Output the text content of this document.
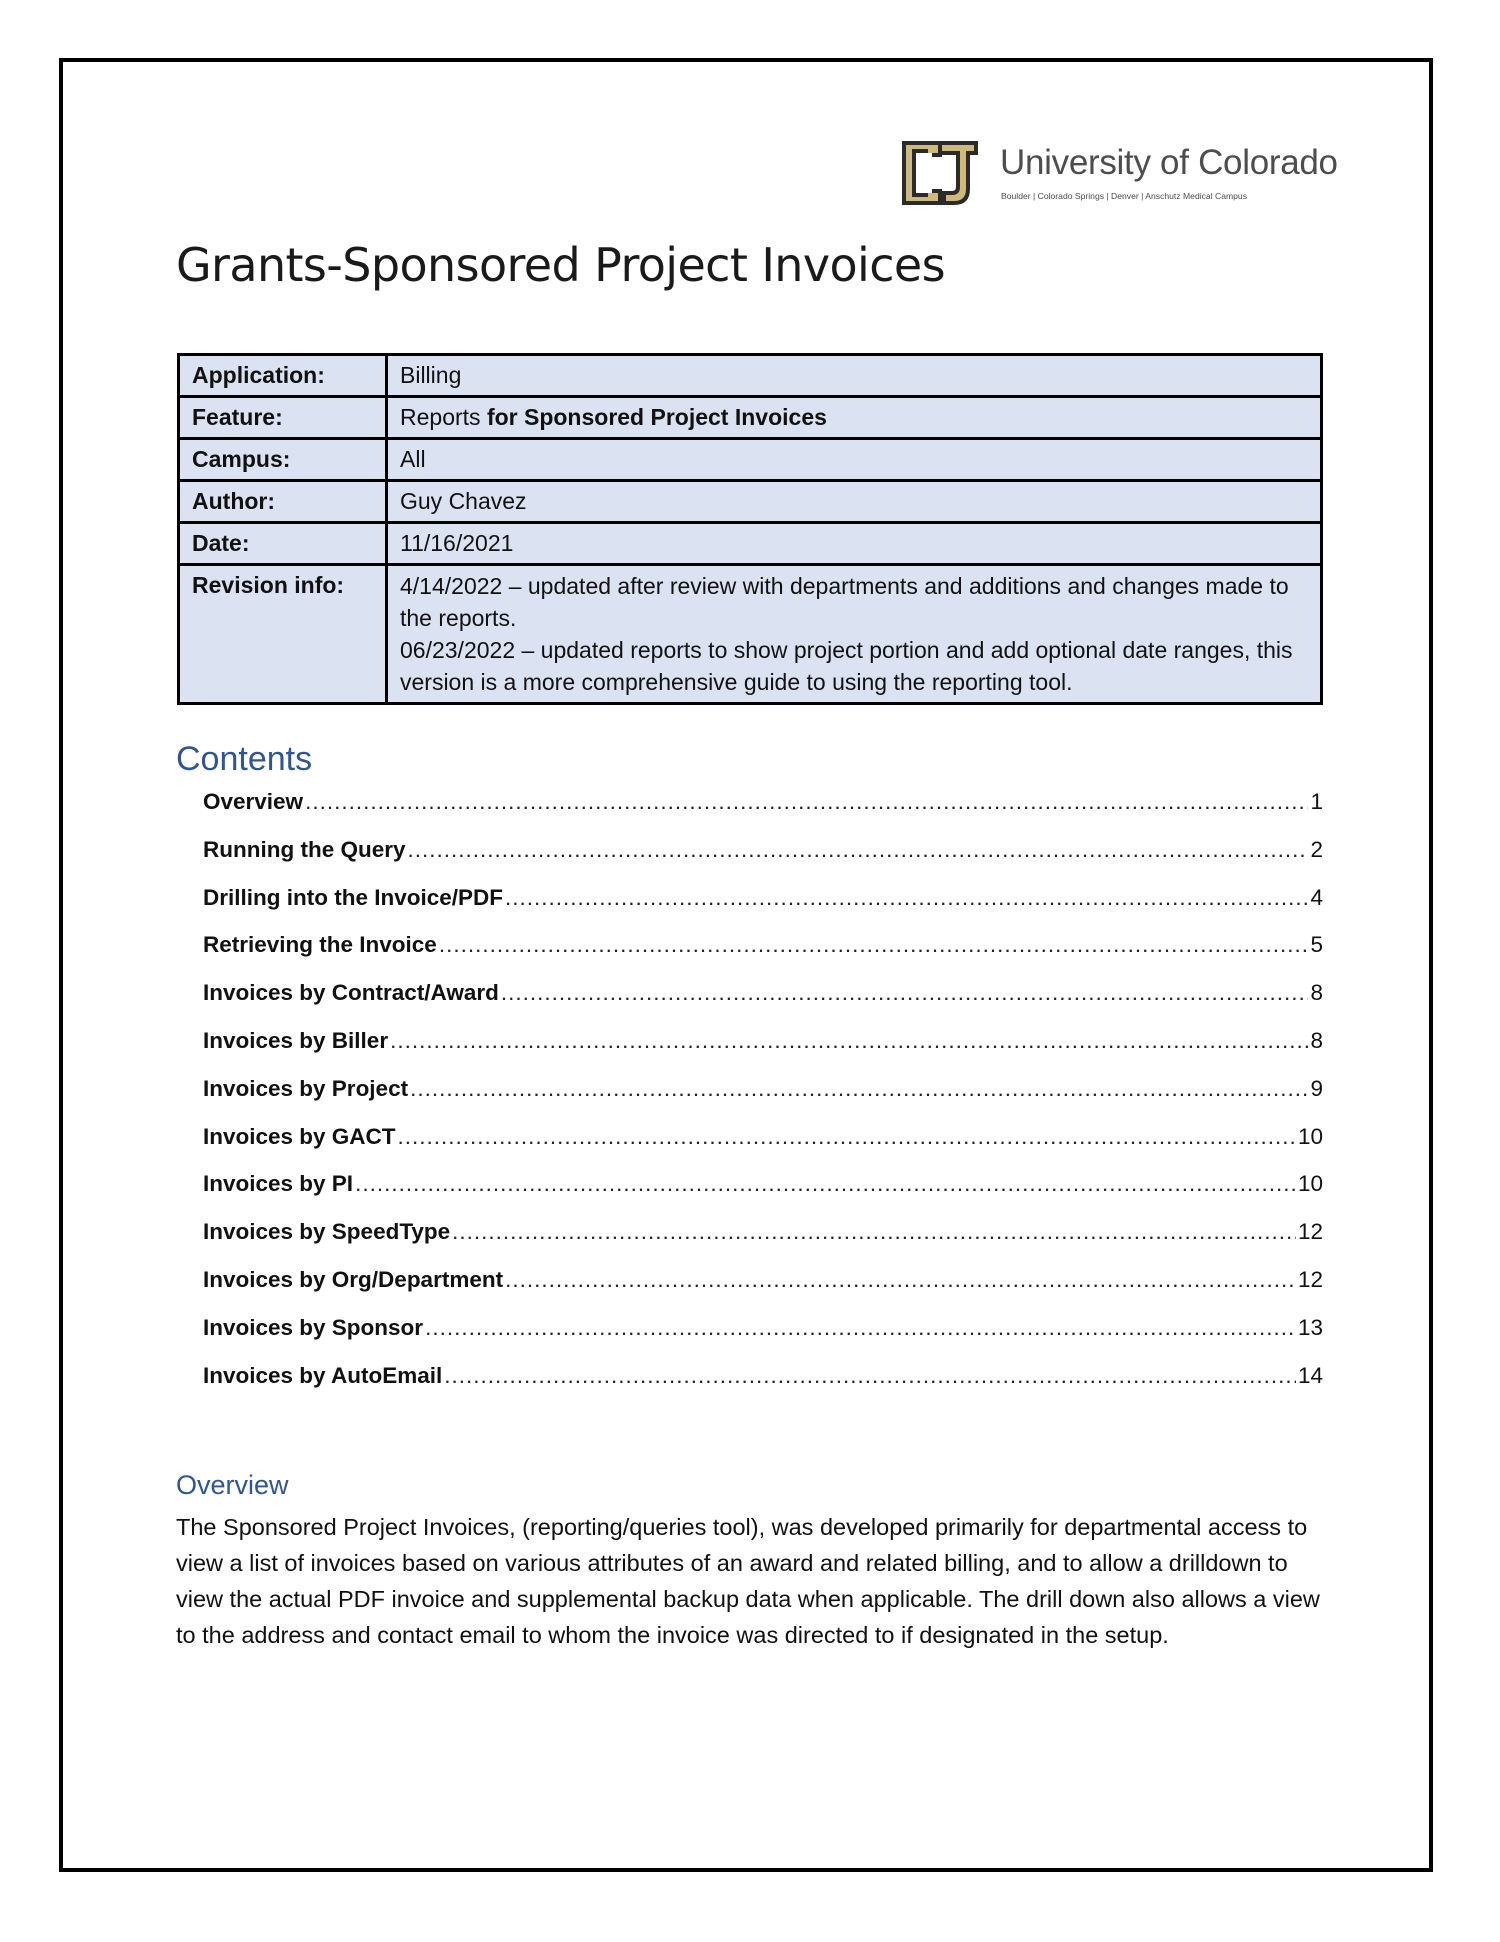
University of Colorado
Boulder | Colorado Springs | Denver | Anschutz Medical Campus
Grants-Sponsored Project Invoices
Application:	Billing
Feature:	Reports for Sponsored Project Invoices
Campus:	All
Author:	Guy Chavez
Date:	11/16/2021
Revision info:	4/14/2022 – updated after review with departments and additions and changes made to the reports.
06/23/2022 – updated reports to show project portion and add optional date ranges, this version is a more comprehensive guide to using the reporting tool.
Contents
Overview .....	1
Running the Query .....	2
Drilling into the Invoice/PDF .....	4
Retrieving the Invoice .....	5
Invoices by Contract/Award .....	8
Invoices by Biller .....	8
Invoices by Project .....	9
Invoices by GACT .....	10
Invoices by PI .....	10
Invoices by SpeedType .....	12
Invoices by Org/Department .....	12
Invoices by Sponsor .....	13
Invoices by AutoEmail .....	14
Overview

The Sponsored Project Invoices, (reporting/queries tool), was developed primarily for departmental access to view a list of invoices based on various attributes of an award and related billing, and to allow a drilldown to view the actual PDF invoice and supplemental backup data when applicable. The drill down also allows a view to the address and contact email to whom the invoice was directed to if designated in the setup.
